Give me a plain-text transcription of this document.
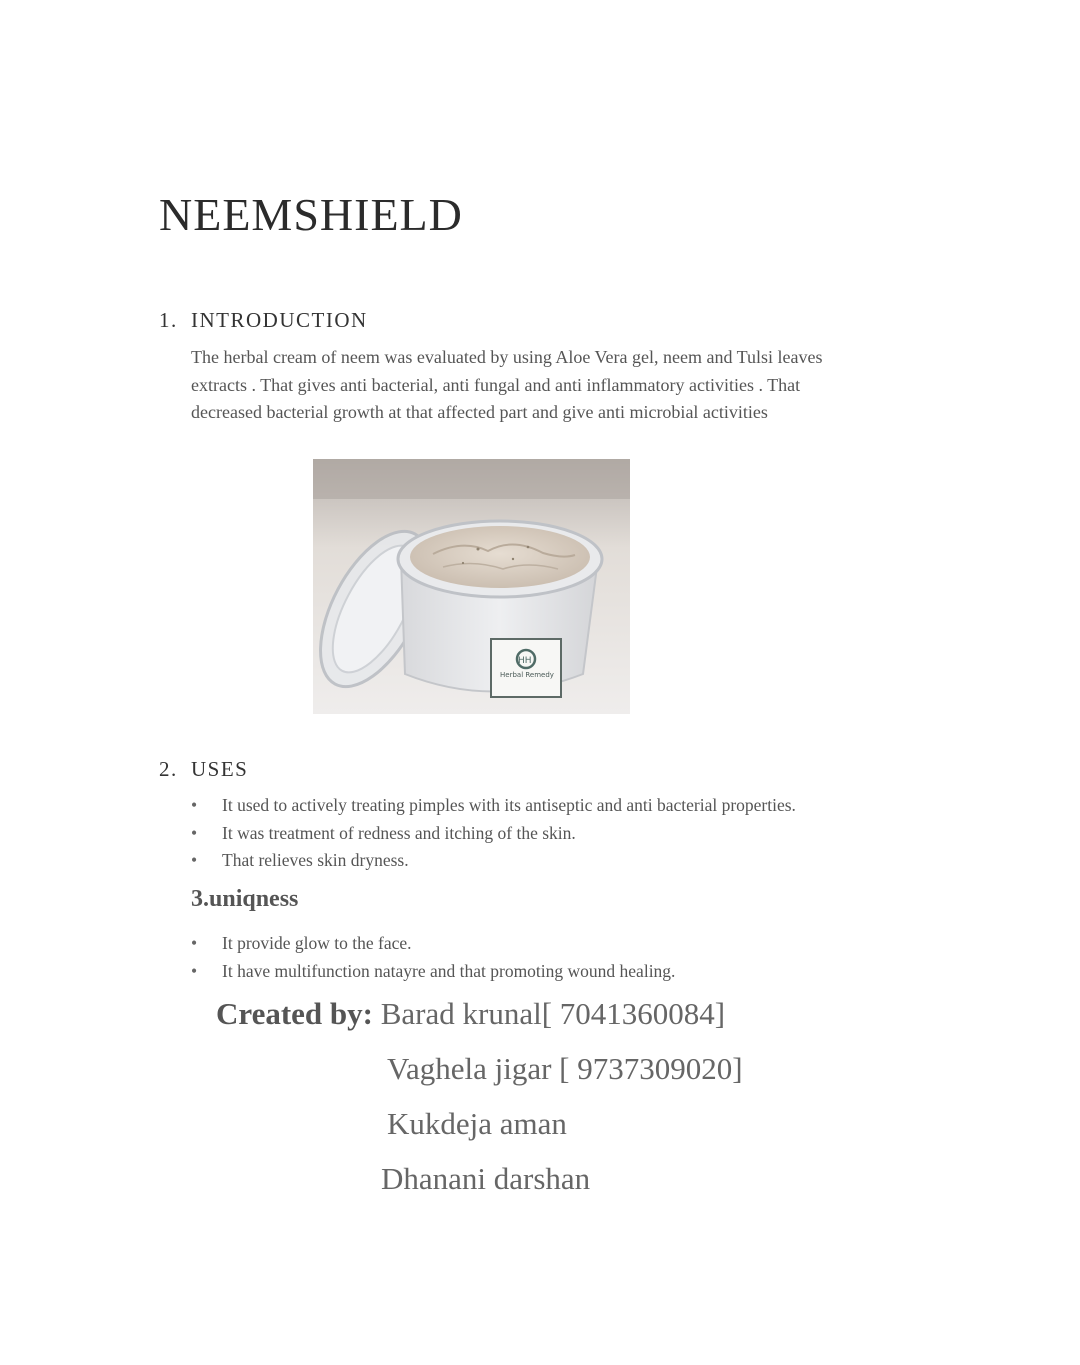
NEEMSHIELD
1. INTRODUCTION
The herbal cream of neem was evaluated by using Aloe Vera gel, neem and Tulsi leaves
extracts . That gives anti bacterial, anti fungal and anti inflammatory activities . That
decreased bacterial growth at that affected part and give anti microbial activities
HH
Herbal Remedy
2. USES
• It used to actively treating pimples with its antiseptic and anti bacterial properties.
• It was treatment of redness and itching of the skin.
• That relieves skin dryness.
3.uniqness
• It provide glow to the face.
• It have multifunction natayre and that promoting wound healing.
Created by: Barad krunal[ 7041360084]
Vaghela jigar [ 9737309020]
Kukdeja aman
Dhanani darshan
